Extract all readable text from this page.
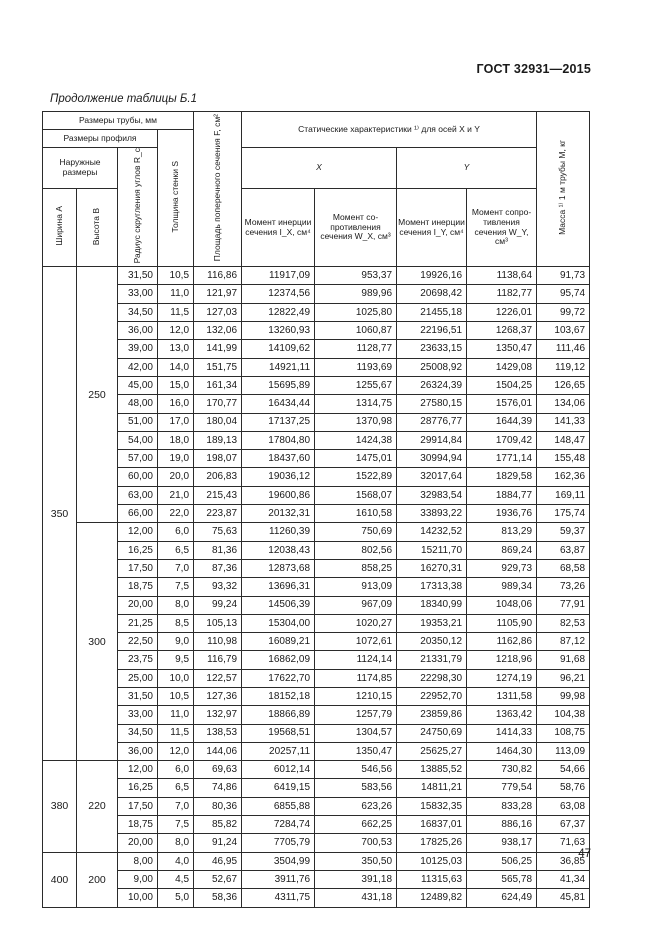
ГОСТ 32931—2015
Продолжение таблицы Б.1
Размеры трубы, мм				Площадь поперечного сечения F, см²	Статические характеристики ¹⁾ для осей X и Y				Масса ¹⁾ 1 м трубы M, кг
Размеры профиля			Толщина стенки S						
Наружные размеры		Радиус скругления углов R_c			X		Y		
Ширина A	Высота B				Момент инерции сечения I_X, см⁴	Момент со-противления сечения W_X, см³	Момент инерции сечения I_Y, см⁴	Момент сопро-тивления сечения W_Y, см³	
350	250	31,50	10,5	116,86	11917,09	953,37	19926,16	1138,64	91,73
		33,00	11,0	121,97	12374,56	989,96	20698,42	1182,77	95,74
		34,50	11,5	127,03	12822,49	1025,80	21455,18	1226,01	99,72
		36,00	12,0	132,06	13260,93	1060,87	22196,51	1268,37	103,67
		39,00	13,0	141,99	14109,62	1128,77	23633,15	1350,47	111,46
		42,00	14,0	151,75	14921,11	1193,69	25008,92	1429,08	119,12
		45,00	15,0	161,34	15695,89	1255,67	26324,39	1504,25	126,65
		48,00	16,0	170,77	16434,44	1314,75	27580,15	1576,01	134,06
		51,00	17,0	180,04	17137,25	1370,98	28776,77	1644,39	141,33
		54,00	18,0	189,13	17804,80	1424,38	29914,84	1709,42	148,47
		57,00	19,0	198,07	18437,60	1475,01	30994,94	1771,14	155,48
		60,00	20,0	206,83	19036,12	1522,89	32017,64	1829,58	162,36
		63,00	21,0	215,43	19600,86	1568,07	32983,54	1884,77	169,11
		66,00	22,0	223,87	20132,31	1610,58	33893,22	1936,76	175,74
	300	12,00	6,0	75,63	11260,39	750,69	14232,52	813,29	59,37
		16,25	6,5	81,36	12038,43	802,56	15211,70	869,24	63,87
		17,50	7,0	87,36	12873,68	858,25	16270,31	929,73	68,58
		18,75	7,5	93,32	13696,31	913,09	17313,38	989,34	73,26
		20,00	8,0	99,24	14506,39	967,09	18340,99	1048,06	77,91
		21,25	8,5	105,13	15304,00	1020,27	19353,21	1105,90	82,53
		22,50	9,0	110,98	16089,21	1072,61	20350,12	1162,86	87,12
		23,75	9,5	116,79	16862,09	1124,14	21331,79	1218,96	91,68
		25,00	10,0	122,57	17622,70	1174,85	22298,30	1274,19	96,21
		31,50	10,5	127,36	18152,18	1210,15	22952,70	1311,58	99,98
		33,00	11,0	132,97	18866,89	1257,79	23859,86	1363,42	104,38
		34,50	11,5	138,53	19568,51	1304,57	24750,69	1414,33	108,75
		36,00	12,0	144,06	20257,11	1350,47	25625,27	1464,30	113,09
380	220	12,00	6,0	69,63	6012,14	546,56	13885,52	730,82	54,66
		16,25	6,5	74,86	6419,15	583,56	14811,21	779,54	58,76
		17,50	7,0	80,36	6855,88	623,26	15832,35	833,28	63,08
		18,75	7,5	85,82	7284,74	662,25	16837,01	886,16	67,37
		20,00	8,0	91,24	7705,79	700,53	17825,26	938,17	71,63
400	200	8,00	4,0	46,95	3504,99	350,50	10125,03	506,25	36,85
		9,00	4,5	52,67	3911,76	391,18	11315,63	565,78	41,34
		10,00	5,0	58,36	4311,75	431,18	12489,82	624,49	45,81
47
